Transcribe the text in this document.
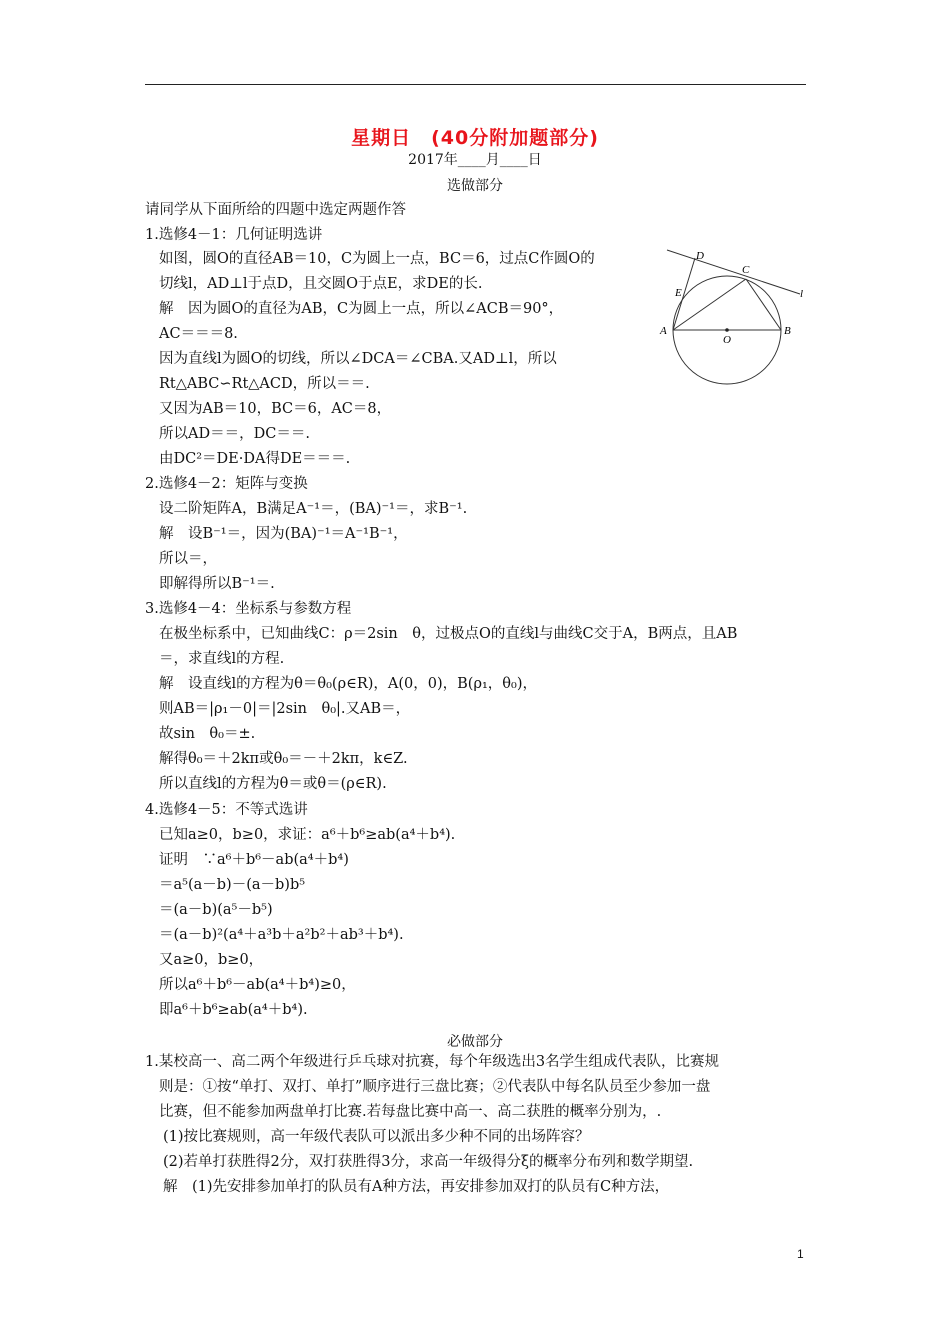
星期日　(40分附加题部分)
2017年____月____日
选做部分
必做部分
请同学从下面所给的四题中选定两题作答
1.选修4－1：几何证明选讲
如图，圆O的直径AB＝10，C为圆上一点，BC＝6，过点C作圆O的
切线l，AD⊥l于点D，且交圆O于点E，求DE的长.
解　因为圆O的直径为AB，C为圆上一点，所以∠ACB＝90°，
AC＝＝＝8.
因为直线l为圆O的切线，所以∠DCA＝∠CBA.又AD⊥l，所以
Rt△ABC∽Rt△ACD，所以＝＝.
又因为AB＝10，BC＝6，AC＝8，
所以AD＝＝，DC＝＝.
由DC²＝DE·DA得DE＝＝＝.
2.选修4－2：矩阵与变换
设二阶矩阵A，B满足A⁻¹＝，(BA)⁻¹＝，求B⁻¹.
解　设B⁻¹＝，因为(BA)⁻¹＝A⁻¹B⁻¹，
所以＝，
即解得所以B⁻¹＝.
3.选修4－4：坐标系与参数方程
在极坐标系中，已知曲线C：ρ＝2sin　θ，过极点O的直线l与曲线C交于A，B两点，且AB
＝，求直线l的方程.
解　设直线l的方程为θ＝θ₀(ρ∈R)，A(0，0)，B(ρ₁，θ₀)，
则AB＝|ρ₁－0|＝|2sin　θ₀|.又AB＝，
故sin　θ₀＝±.
解得θ₀＝＋2kπ或θ₀＝－＋2kπ，k∈Z.
所以直线l的方程为θ＝或θ＝(ρ∈R).
4.选修4－5：不等式选讲
已知a≥0，b≥0，求证：a⁶＋b⁶≥ab(a⁴＋b⁴).
证明　∵a⁶＋b⁶－ab(a⁴＋b⁴)
＝a⁵(a－b)－(a－b)b⁵
＝(a－b)(a⁵－b⁵)
＝(a－b)²(a⁴＋a³b＋a²b²＋ab³＋b⁴).
又a≥0，b≥0，
所以a⁶＋b⁶－ab(a⁴＋b⁴)≥0，
即a⁶＋b⁶≥ab(a⁴＋b⁴).
1.某校高一、高二两个年级进行乒乓球对抗赛，每个年级选出3名学生组成代表队，比赛规
则是：①按“单打、双打、单打”顺序进行三盘比赛；②代表队中每名队员至少参加一盘
比赛，但不能参加两盘单打比赛.若每盘比赛中高一、高二获胜的概率分别为，.
(1)按比赛规则，高一年级代表队可以派出多少种不同的出场阵容？
(2)若单打获胜得2分，双打获胜得3分，求高一年级得分ξ的概率分布列和数学期望.
解　(1)先安排参加单打的队员有A种方法，再安排参加双打的队员有C种方法，
D
C
l
E
A
O
B
1
